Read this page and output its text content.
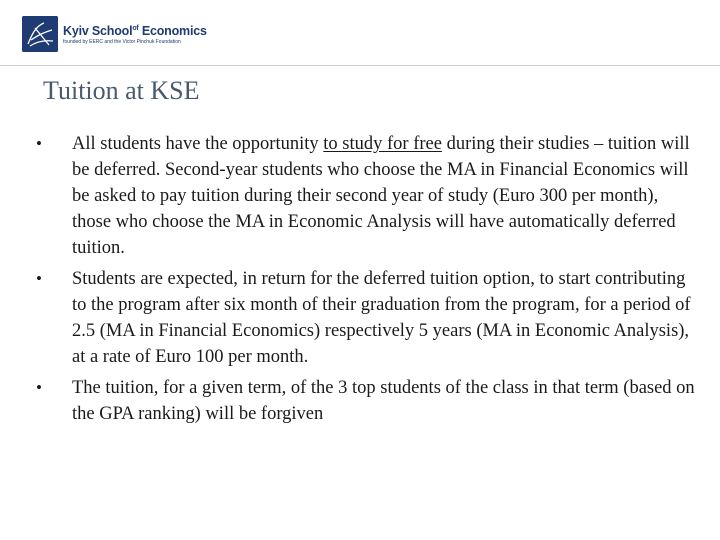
Kyiv School$^{of}$ Economics
founded by EERC and the Victor Pinchuk Foundation
Tuition at KSE
•	All students have the opportunity to study for free during their studies – tuition will be deferred. Second-year students who choose the MA in Financial Economics will be asked to pay tuition during their second year of study (Euro 300 per month), those who choose the MA in Economic Analysis will have automatically deferred tuition.
•	Students are expected, in return for the deferred tuition option, to start contributing to the program after six month of their graduation from the program, for a period of 2.5 (MA in Financial Economics) respectively 5 years (MA in Economic Analysis), at a rate of Euro 100 per month.
•	The tuition, for a given term, of the 3 top students of the class in that term (based on the GPA ranking) will be forgiven
